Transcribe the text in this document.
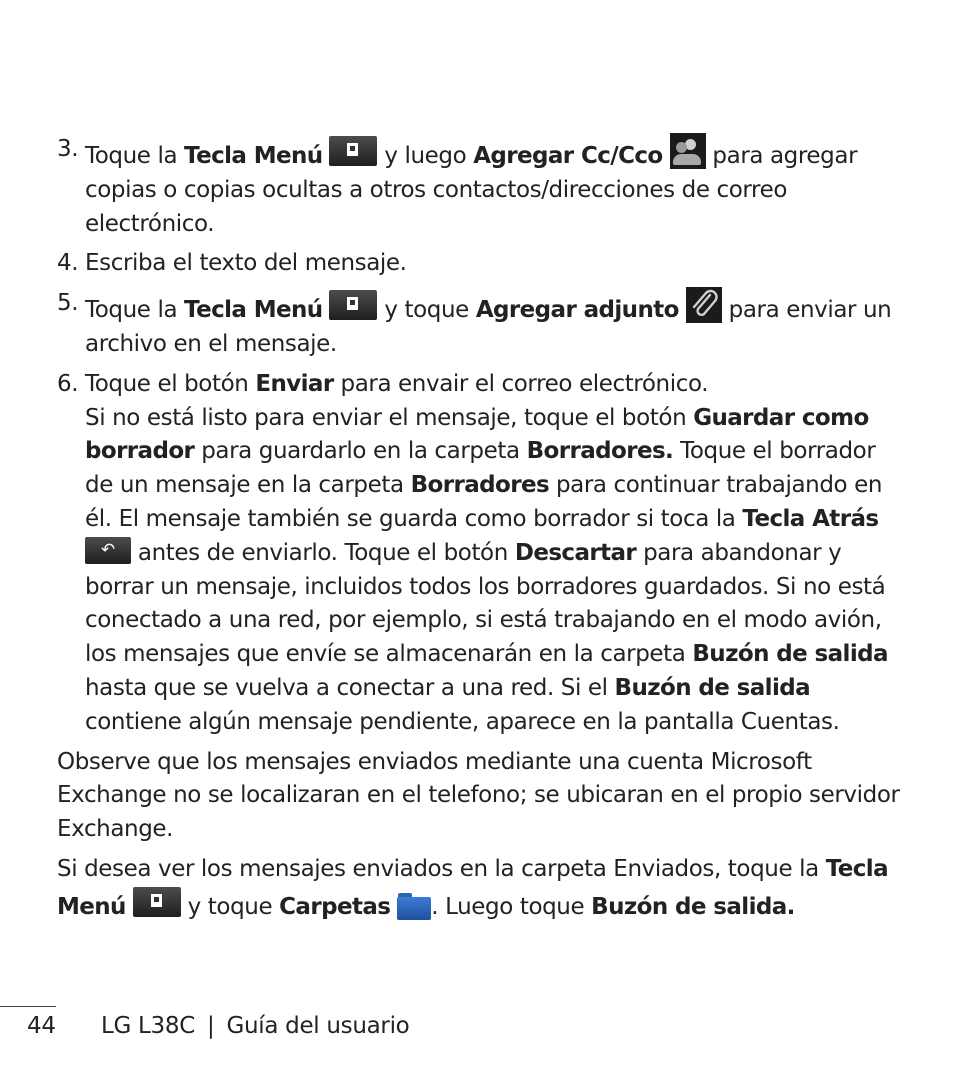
3. Toque la Tecla Menú
y luego Agregar Cc/Cco  para agregar copias o copias ocultas a otros contactos/direcciones de correo electrónico.
4. Escriba el texto del mensaje.
5. Toque la Tecla Menú
y toque Agregar adjunto
para enviar un archivo en el mensaje.
6. Toque el botón Enviar para envair el correo electrónico.
Si no está listo para enviar el mensaje, toque el botón Guardar como borrador para guardarlo en la carpeta Borradores. Toque el borrador de un mensaje en la carpeta Borradores para continuar trabajando en él. El mensaje también se guarda como borrador si toca la Tecla Atrás
↶ antes de enviarlo. Toque el botón Descartar para abandonar y borrar un mensaje, incluidos todos los borradores guardados. Si no está conectado a una red, por ejemplo, si está trabajando en el modo avión, los mensajes que envíe se almacenarán en la carpeta Buzón de salida hasta que se vuelva a conectar a una red. Si el Buzón de salida contiene algún mensaje pendiente, aparece en la pantalla Cuentas.
Observe que los mensajes enviados mediante una cuenta Microsoft Exchange no se localizaran en el telefono; se ubicaran en el propio servidor Exchange.
Si desea ver los mensajes enviados en la carpeta Enviados, toque la Tecla Menú
y toque Carpetas . Luego toque Buzón de salida.
44 LG L38C | Guía del usuario
